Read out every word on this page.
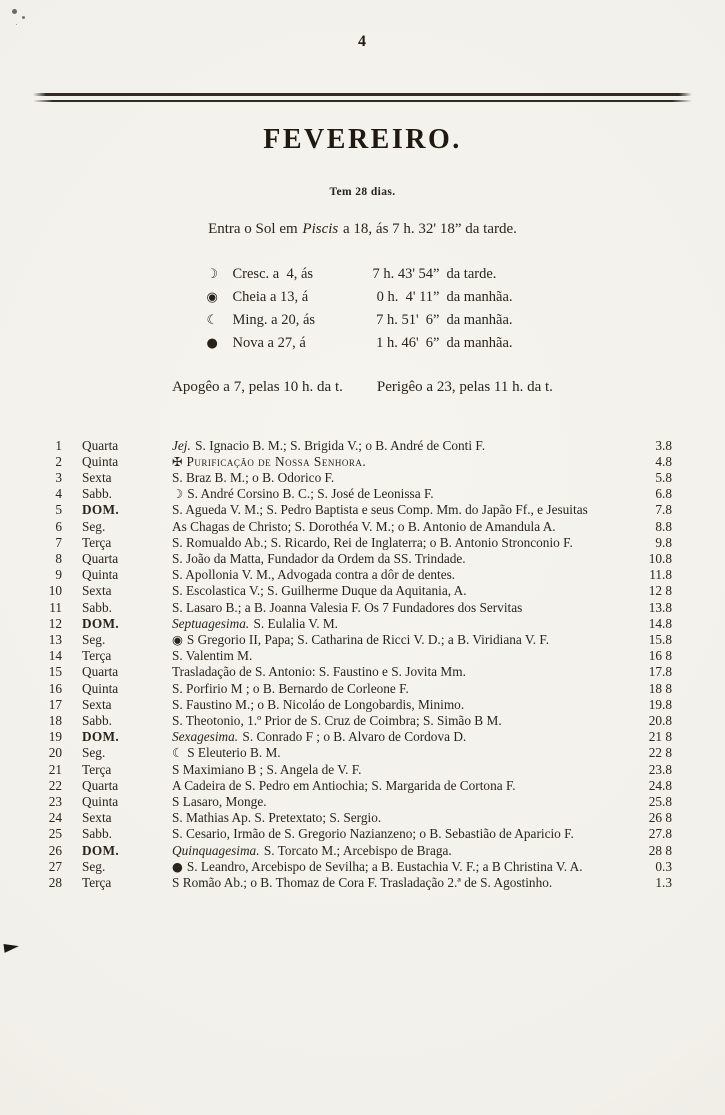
4
FEVEREIRO.
Tem 28 dias.
Entra o Sol em Piscis a 18, ás 7 h. 32' 18” da tarde.
☽ Cresc. a  4, ás	7 h. 43' 54” da tarde.
◉	Cheia a 13, á	0 h.  4' 11” da manhãa.
☾ Ming. a 20, ás	7 h. 51'  6” da manhãa.
●	Nova a 27, á	1 h. 46'  6” da manhãa.
Apogêo a 7, pelas 10 h. da t. Perigêo a 23, pelas 11 h. da t.
1	Quarta	Jej. S. Ignacio B. M.; S. Brigida V.; o B. André de Conti F.	3.8
2	Quinta	✠ Purificação de Nossa Senhora.	4.8
3	Sexta	S. Braz B. M.; o B. Odorico F.	5.8
4	Sabb.	☽ S. André Corsino B. C.; S. José de Leonissa F.	6.8
5	DOM.	S. Agueda V. M.; S. Pedro Baptista e seus Comp. Mm. do Japão Ff., e Jesuitas	7.8
6	Seg.	As Chagas de Christo; S. Dorothéa V. M.; o B. Antonio de Amandula A.	8.8
7	Terça	S. Romualdo Ab.; S. Ricardo, Rei de Inglaterra; o B. Antonio Stronconio F.	9.8
8	Quarta	S. João da Matta, Fundador da Ordem da SS. Trindade.	10.8
9	Quinta	S. Apollonia V. M., Advogada contra a dôr de dentes.	11.8
10	Sexta	S. Escolastica V.; S. Guilherme Duque da Aquitania, A.	12 8
11	Sabb.	S. Lasaro B.; a B. Joanna Valesia F. Os 7 Fundadores dos Servitas	13.8
12	DOM.	Septuagesima. S. Eulalia V. M.	14.8
13	Seg.	◉ S Gregorio II, Papa; S. Catharina de Ricci V. D.; a B. Viridiana V. F.	15.8
14	Terça	S. Valentim M.	16 8
15	Quarta	Trasladação de S. Antonio: S. Faustino e S. Jovita Mm.	17.8
16	Quinta	S. Porfirio M ; o B. Bernardo de Corleone F.	18 8
17	Sexta	S. Faustino M.; o B. Nicoláo de Longobardis, Minimo.	19.8
18	Sabb.	S. Theotonio, 1.º Prior de S. Cruz de Coimbra; S. Simão B M.	20.8
19	DOM.	Sexagesima. S. Conrado F ; o B. Alvaro de Cordova D.	21 8
20	Seg.	☾ S Eleuterio B. M.	22 8
21	Terça	S Maximiano B ; S. Angela de V. F.	23.8
22	Quarta	A Cadeira de S. Pedro em Antiochia; S. Margarida de Cortona F.	24.8
23	Quinta	S Lasaro, Monge.	25.8
24	Sexta	S. Mathias Ap. S. Pretextato; S. Sergio.	26 8
25	Sabb.	S. Cesario, Irmão de S. Gregorio Nazianzeno; o B. Sebastião de Aparicio F.	27.8
26	DOM.	Quinquagesima. S. Torcato M.; Arcebispo de Braga.	28 8
27	Seg.	● S. Leandro, Arcebispo de Sevilha; a B. Eustachia V. F.; a B Christina V. A.	0.3
28	Terça	S Romão Ab.; o B. Thomaz de Cora F. Trasladação 2.ª de S. Agostinho.	1.3
